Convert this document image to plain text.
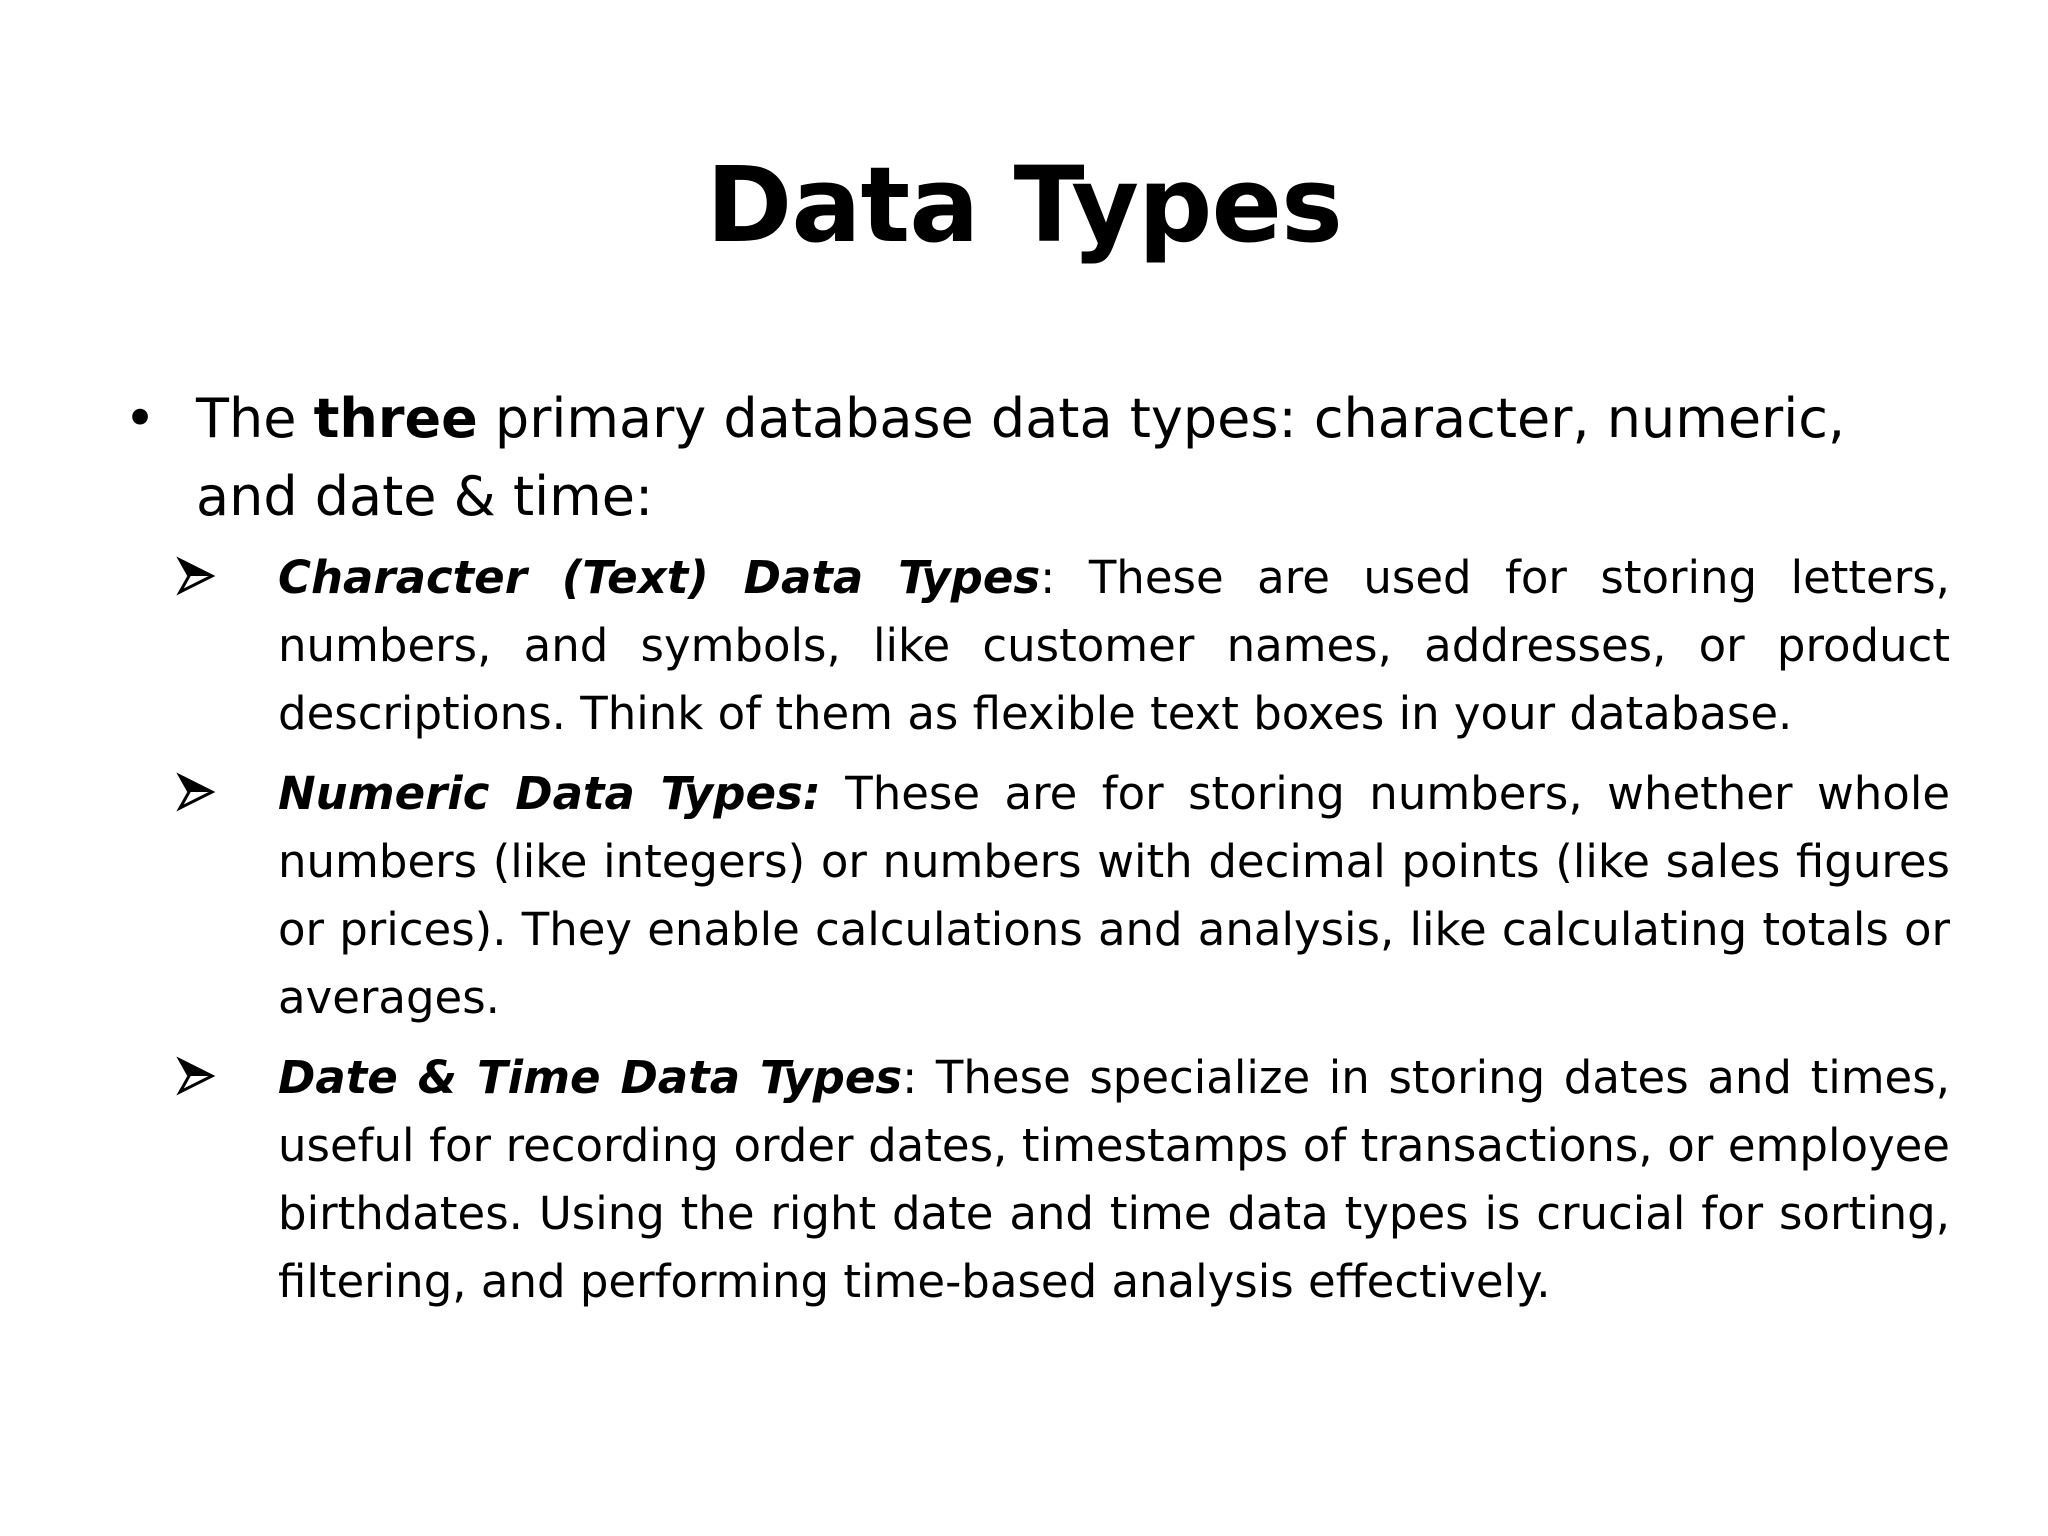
Data Types

• The three primary database data types: character, numeric, and date & time:

Character (Text) Data Types: These are used for storing letters, numbers, and symbols, like customer names, addresses, or product descriptions. Think of them as flexible text boxes in your database.

Numeric Data Types: These are for storing numbers, whether whole numbers (like integers) or numbers with decimal points (like sales figures or prices). They enable calculations and analysis, like calculating totals or averages.

Date & Time Data Types: These specialize in storing dates and times, useful for recording order dates, timestamps of transactions, or employee birthdates. Using the right date and time data types is crucial for sorting, filtering, and performing time-based analysis effectively.
